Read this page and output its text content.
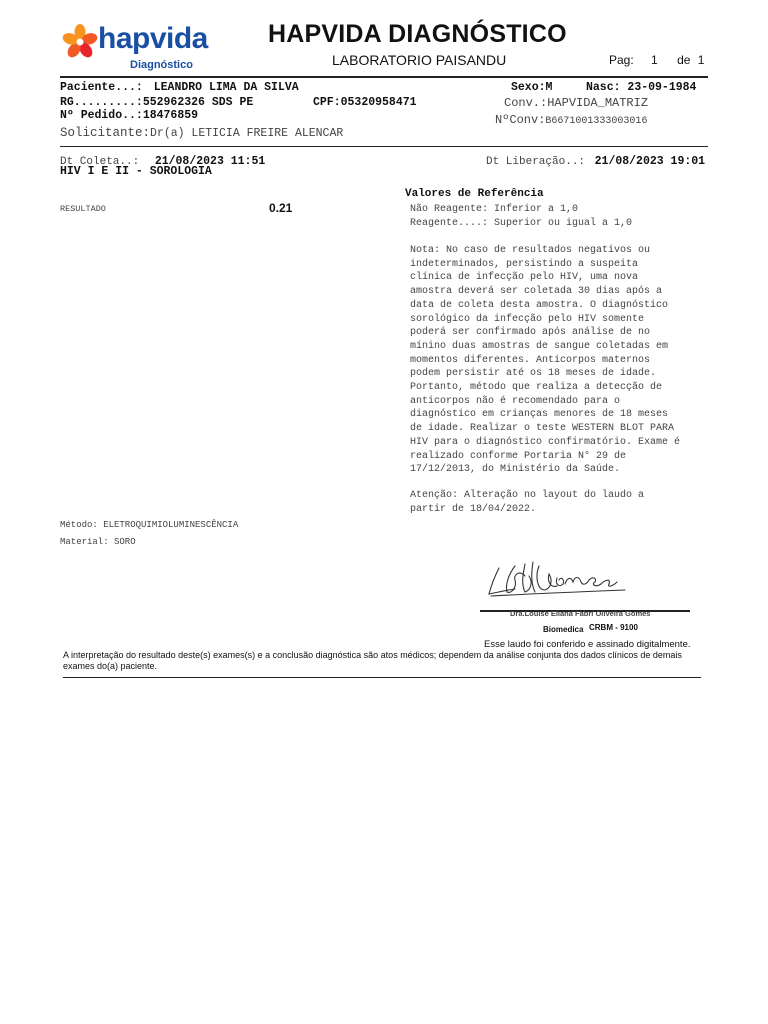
hapvida
Diagnóstico
HAPVIDA DIAGNÓSTICO
LABORATORIO PAISANDU	Pag: 1 de 1
Paciente...: LEANDRO LIMA DA SILVA	Sexo:M	Nasc: 23-09-1984
RG.........:552962326 SDS PE	CPF:05320958471	Conv.:HAPVIDA_MATRIZ
Nº Pedido..:18476859	NºConv:B6671001333003016
Solicitante:Dr(a) LETICIA FREIRE ALENCAR
Dt Coleta..: 21/08/2023 11:51	Dt Liberação..: 21/08/2023 19:01
HIV I E II - SOROLOGIA
Valores de Referência
RESULTADO	0.21	Não Reagente: Inferior a 1,0
Reagente....: Superior ou igual a 1,0
Nota: No caso de resultados negativos ou
indeterminados, persistindo a suspeita
clínica de infecção pelo HIV, uma nova
amostra deverá ser coletada 30 dias após a
data de coleta desta amostra. O diagnóstico
sorológico da infecção pelo HIV somente
poderá ser confirmado após análise de no
mínino duas amostras de sangue coletadas em
momentos diferentes. Anticorpos maternos
podem persistir até os 18 meses de idade.
Portanto, método que realiza a detecção de
anticorpos não é recomendado para o
diagnóstico em crianças menores de 18 meses
de idade. Realizar o teste WESTERN BLOT PARA
HIV para o diagnóstico confirmatório. Exame é
realizado conforme Portaria N° 29 de
17/12/2013, do Ministério da Saúde.
Atenção: Alteração no layout do laudo a
partir de 18/04/2022.
Método: ELETROQUIMIOLUMINESCÊNCIA
Material: SORO
Dra.Louise Eliana Fabri Oliveira Gomes
Biomedica CRBM - 9100
Esse laudo foi conferido e assinado digitalmente.
A interpretação do resultado deste(s) exames(s) e a conclusão diagnóstica são atos médicos; dependem da análise conjunta dos dados clínicos de demais
exames do(a) paciente.
